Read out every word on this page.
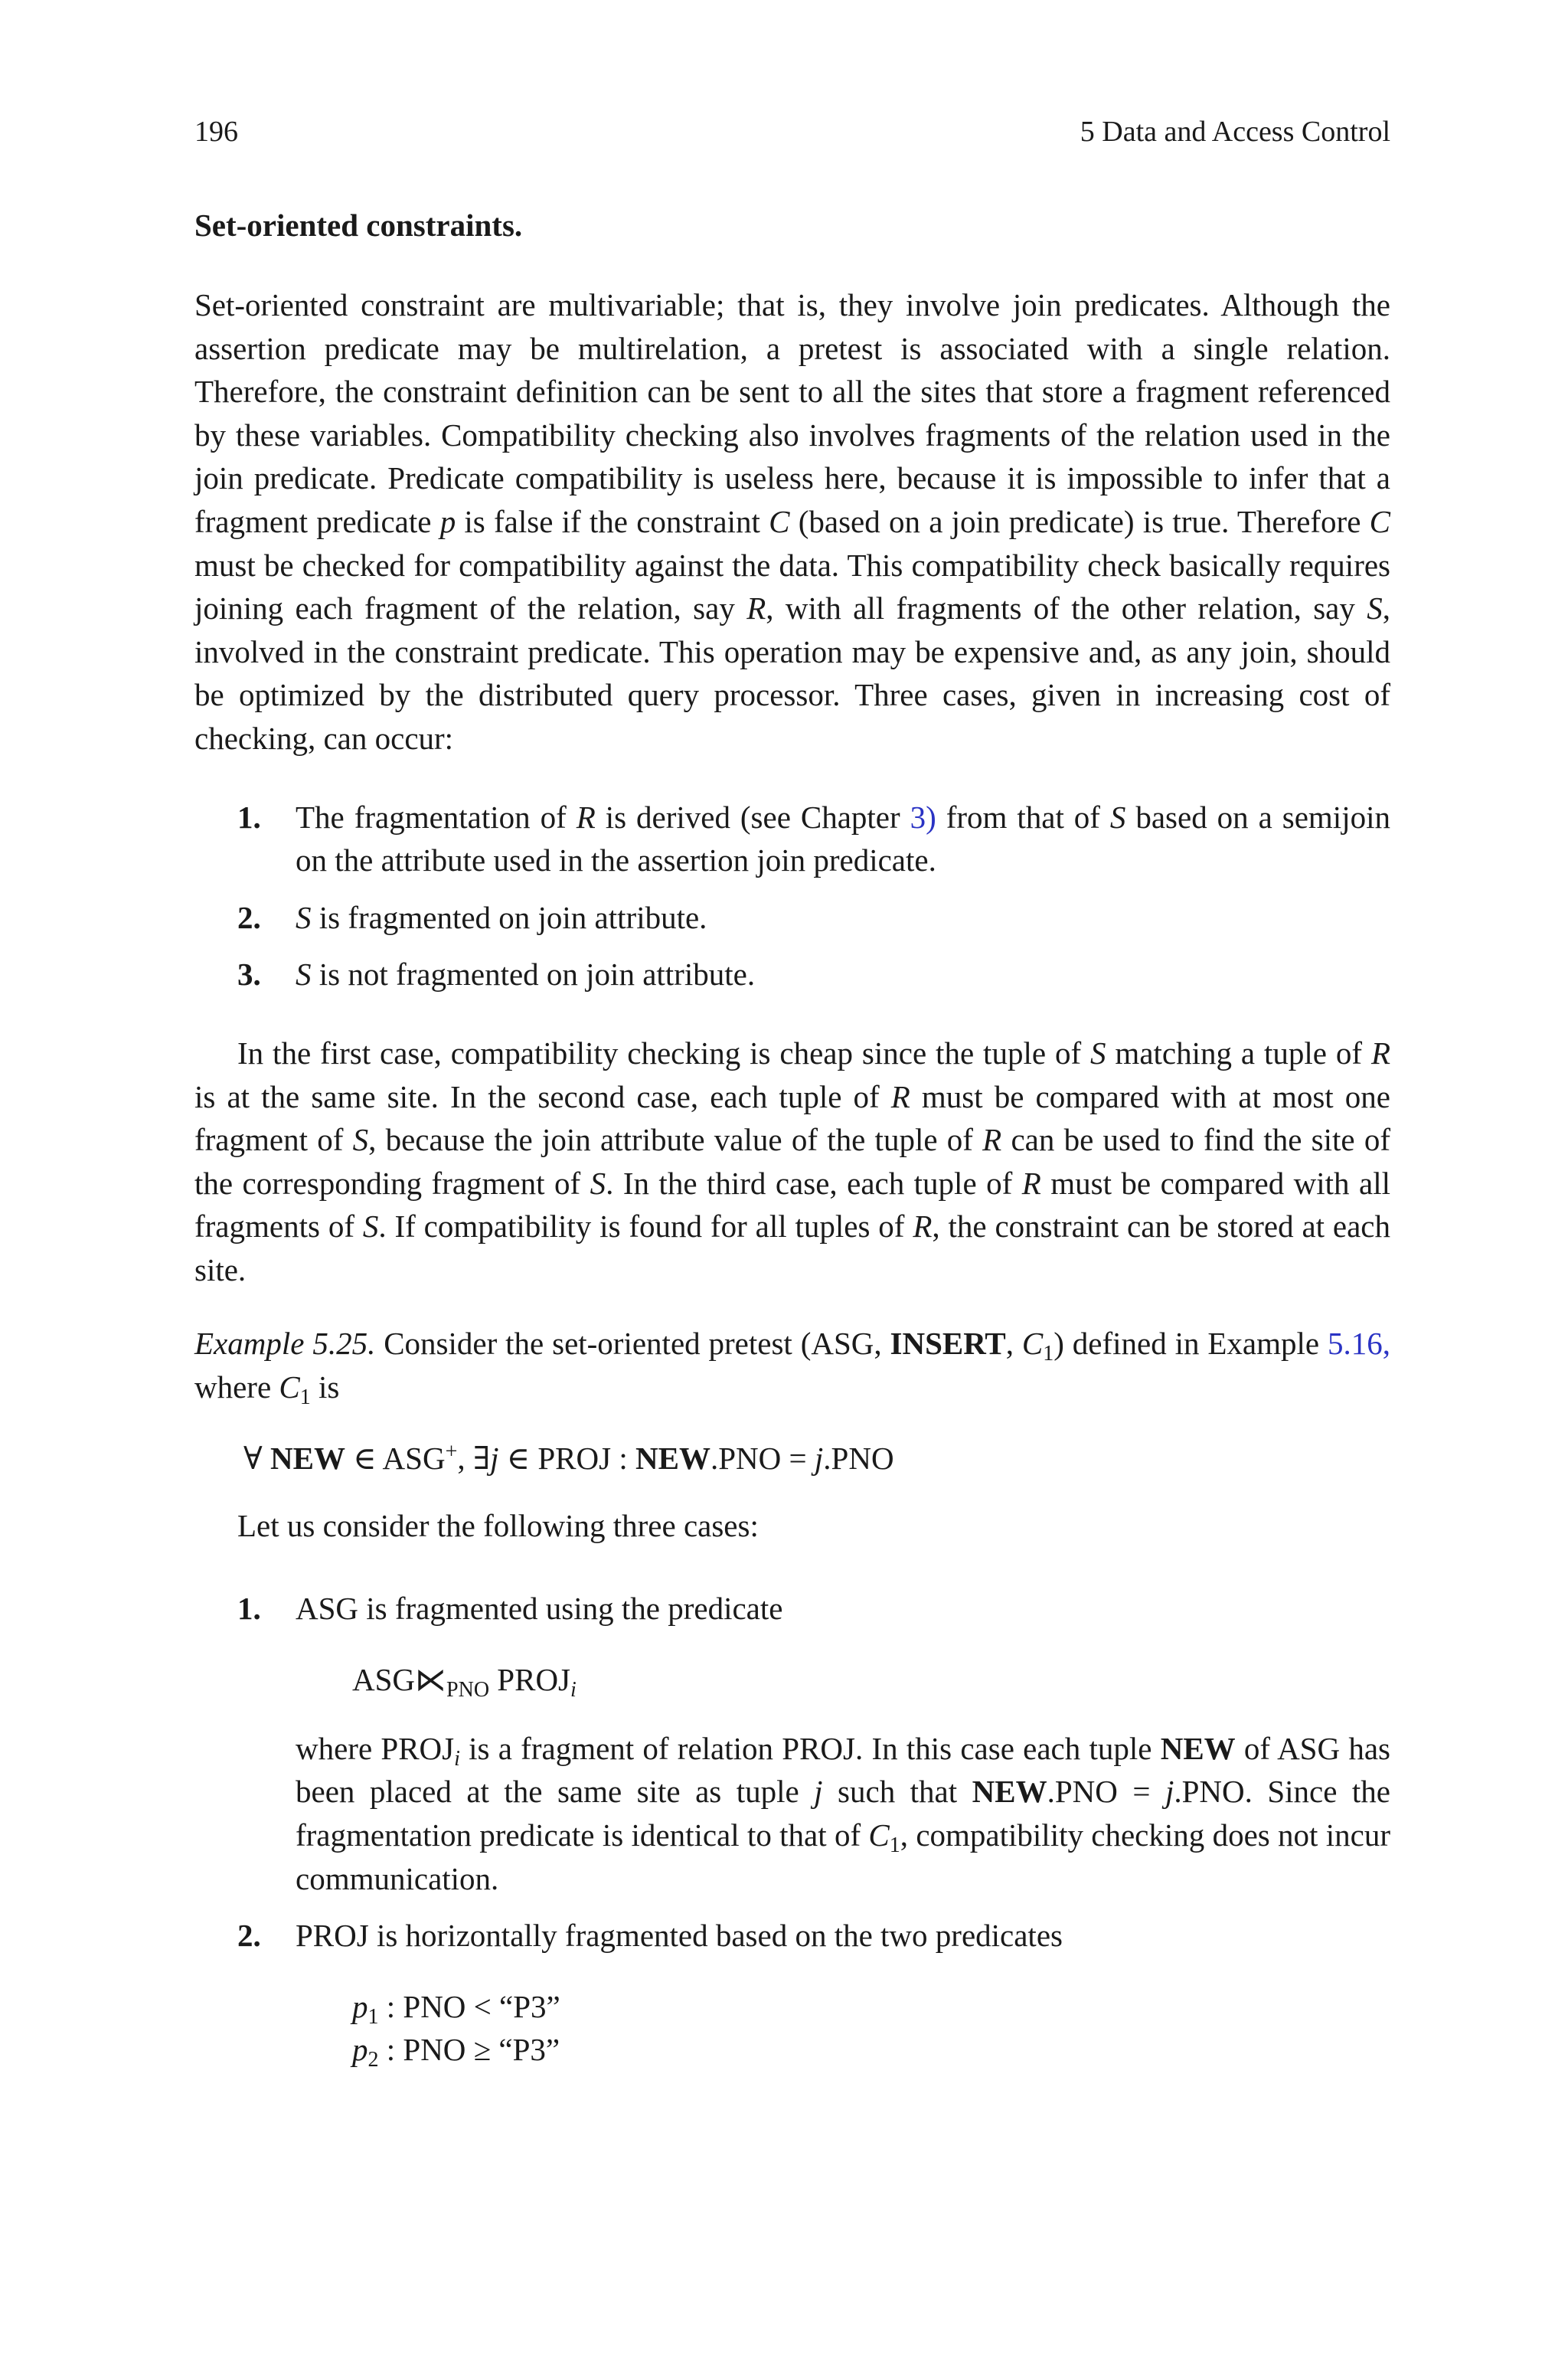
196	5 Data and Access Control
Set-oriented constraints.

Set-oriented constraint are multivariable; that is, they involve join predicates. Although the assertion predicate may be multirelation, a pretest is associated with a single relation. Therefore, the constraint definition can be sent to all the sites that store a fragment referenced by these variables. Compatibility checking also involves fragments of the relation used in the join predicate. Predicate compatibility is useless here, because it is impossible to infer that a fragment predicate p is false if the constraint C (based on a join predicate) is true. Therefore C must be checked for compatibility against the data. This compatibility check basically requires joining each fragment of the relation, say R, with all fragments of the other relation, say S, involved in the constraint predicate. This operation may be expensive and, as any join, should be optimized by the distributed query processor. Three cases, given in increasing cost of checking, can occur:

1. The fragmentation of R is derived (see Chapter 3) from that of S based on a semijoin on the attribute used in the assertion join predicate.
2. S is fragmented on join attribute.
3. S is not fragmented on join attribute.

In the first case, compatibility checking is cheap since the tuple of S matching a tuple of R is at the same site. In the second case, each tuple of R must be compared with at most one fragment of S, because the join attribute value of the tuple of R can be used to find the site of the corresponding fragment of S. In the third case, each tuple of R must be compared with all fragments of S. If compatibility is found for all tuples of R, the constraint can be stored at each site.

Example 5.25. Consider the set-oriented pretest (ASG, INSERT, $C_1$) defined in Example 5.16, where $C_1$ is

∀ NEW ∈ ASG+, ∃j ∈ PROJ : NEW.PNO = j.PNO

Let us consider the following three cases:

1. ASG is fragmented using the predicate
$ASG⋉_{PNO}$ $PROJ_i$

where $PROJ_i$ is a fragment of relation PROJ. In this case each tuple NEW of ASG has been placed at the same site as tuple j such that NEW.PNO = j.PNO. Since the fragmentation predicate is identical to that of $C_1$, compatibility checking does not incur communication.

2. PROJ is horizontally fragmented based on the two predicates
$p_1$ : PNO < “P3”
$p_2$ : PNO ≥ “P3”
